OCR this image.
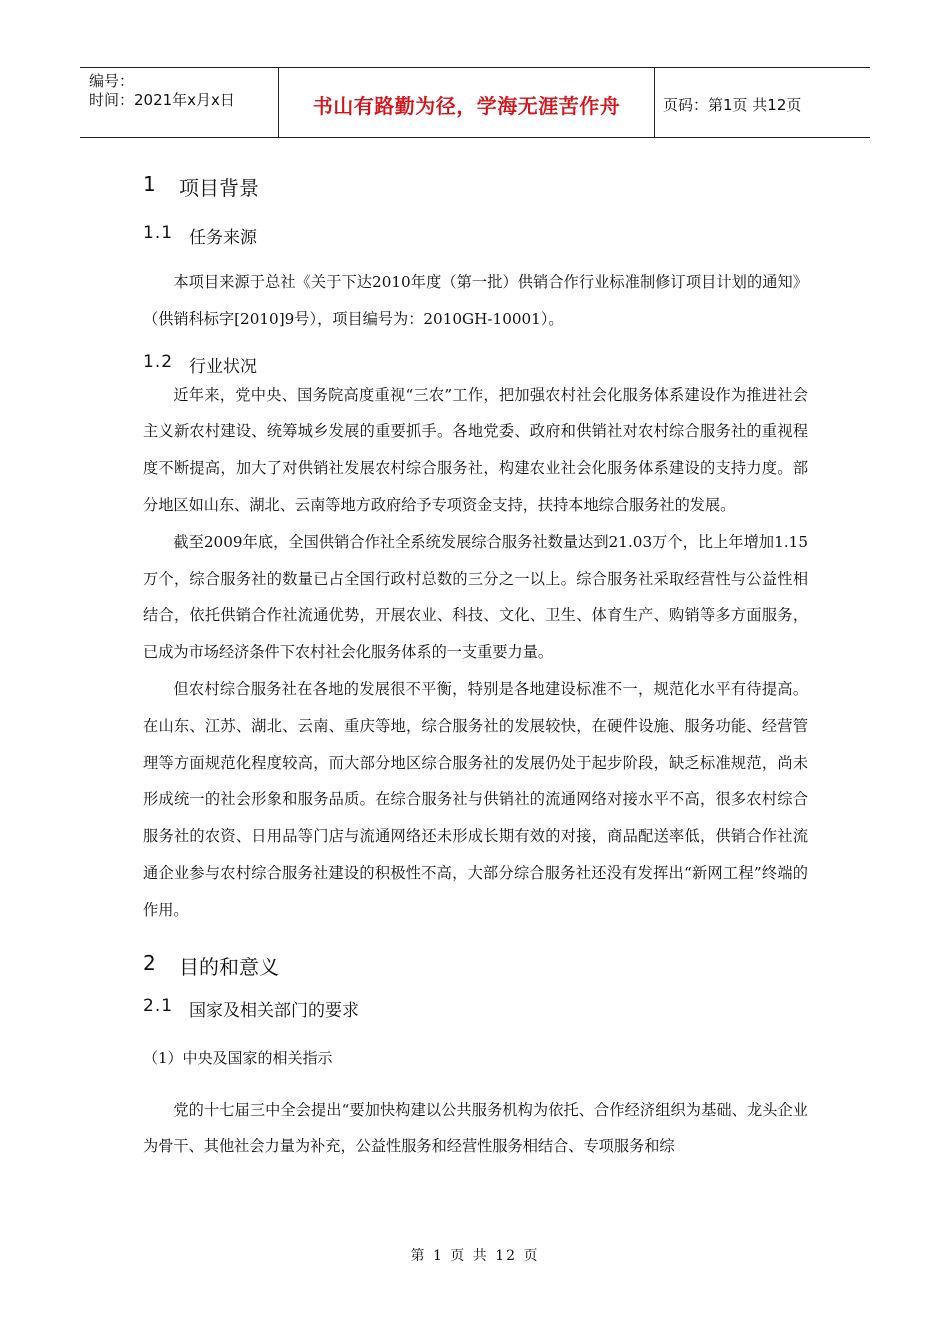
编号：
时间：2021年x月x日	书山有路勤为径，学海无涯苦作舟	页码：第1页 共12页
1	项目背景
1.1 任务来源

本项目来源于总社《关于下达2010年度（第一批）供销合作行业标准制修订项目计划的通知》（供销科标字[2010]9号），项目编号为：2010GH-10001）。

1.2 行业状况

近年来，党中央、国务院高度重视“三农”工作，把加强农村社会化服务体系建设作为推进社会主义新农村建设、统筹城乡发展的重要抓手。各地党委、政府和供销社对农村综合服务社的重视程度不断提高，加大了对供销社发展农村综合服务社，构建农业社会化服务体系建设的支持力度。部分地区如山东、湖北、云南等地方政府给予专项资金支持，扶持本地综合服务社的发展。

截至2009年底，全国供销合作社全系统发展综合服务社数量达到21.03万个，比上年增加1.15万个，综合服务社的数量已占全国行政村总数的三分之一以上。综合服务社采取经营性与公益性相结合，依托供销合作社流通优势，开展农业、科技、文化、卫生、体育生产、购销等多方面服务，已成为市场经济条件下农村社会化服务体系的一支重要力量。

但农村综合服务社在各地的发展很不平衡，特别是各地建设标准不一，规范化水平有待提高。在山东、江苏、湖北、云南、重庆等地，综合服务社的发展较快，在硬件设施、服务功能、经营管理等方面规范化程度较高，而大部分地区综合服务社的发展仍处于起步阶段，缺乏标准规范，尚未形成统一的社会形象和服务品质。在综合服务社与供销社的流通网络对接水平不高，很多农村综合服务社的农资、日用品等门店与流通网络还未形成长期有效的对接，商品配送率低，供销合作社流通企业参与农村综合服务社建设的积极性不高，大部分综合服务社还没有发挥出“新网工程”终端的作用。

2	目的和意义
2.1 国家及相关部门的要求

（1）中央及国家的相关指示

党的十七届三中全会提出“要加快构建以公共服务机构为依托、合作经济组织为基础、龙头企业为骨干、其他社会力量为补充，公益性服务和经营性服务相结合、专项服务和综

第 1 页 共 12 页
